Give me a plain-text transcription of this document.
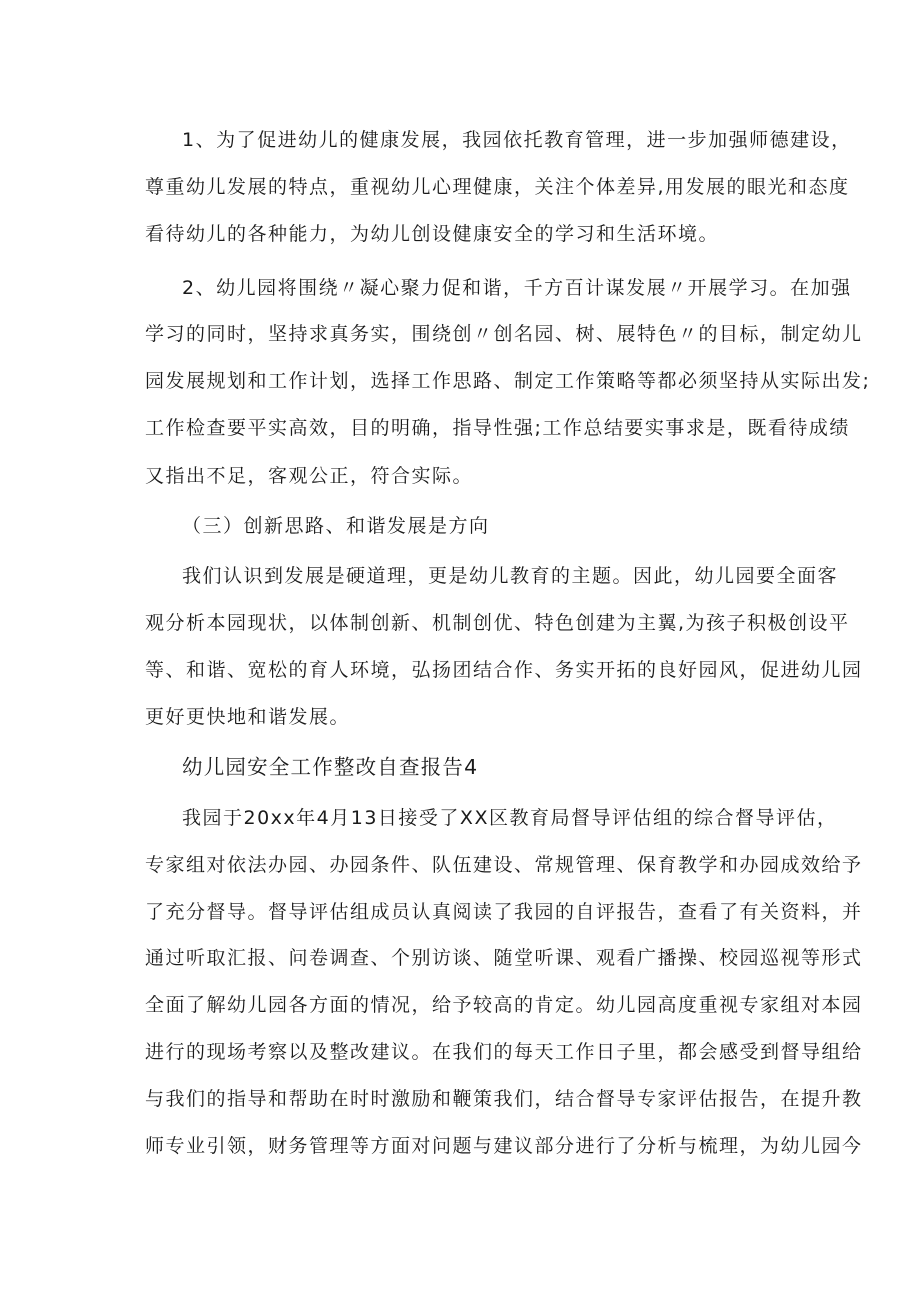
1、为了促进幼儿的健康发展，我园依托教育管理，进一步加强师德建设，
尊重幼儿发展的特点，重视幼儿心理健康，关注个体差异,用发展的眼光和态度
看待幼儿的各种能力，为幼儿创设健康安全的学习和生活环境。
2、幼儿园将围绕〃凝心聚力促和谐，千方百计谋发展〃开展学习。在加强
学习的同时，坚持求真务实，围绕创〃创名园、树、展特色〃的目标，制定幼儿
园发展规划和工作计划，选择工作思路、制定工作策略等都必须坚持从实际出发;
工作检查要平实高效，目的明确，指导性强;工作总结要实事求是，既看待成绩
又指出不足，客观公正，符合实际。
（三）创新思路、和谐发展是方向
我们认识到发展是硬道理，更是幼儿教育的主题。因此，幼儿园要全面客
观分析本园现状，以体制创新、机制创优、特色创建为主翼,为孩子积极创设平
等、和谐、宽松的育人环境，弘扬团结合作、务实开拓的良好园风，促进幼儿园
更好更快地和谐发展。
幼儿园安全工作整改自查报告4
我园于20xx年4月13日接受了XX区教育局督导评估组的综合督导评估，
专家组对依法办园、办园条件、队伍建设、常规管理、保育教学和办园成效给予
了充分督导。督导评估组成员认真阅读了我园的自评报告，查看了有关资料，并
通过听取汇报、问卷调查、个别访谈、随堂听课、观看广播操、校园巡视等形式
全面了解幼儿园各方面的情况，给予较高的肯定。幼儿园高度重视专家组对本园
进行的现场考察以及整改建议。在我们的每天工作日子里，都会感受到督导组给
与我们的指导和帮助在时时激励和鞭策我们，结合督导专家评估报告，在提升教
师专业引领，财务管理等方面对问题与建议部分进行了分析与梳理，为幼儿园今
